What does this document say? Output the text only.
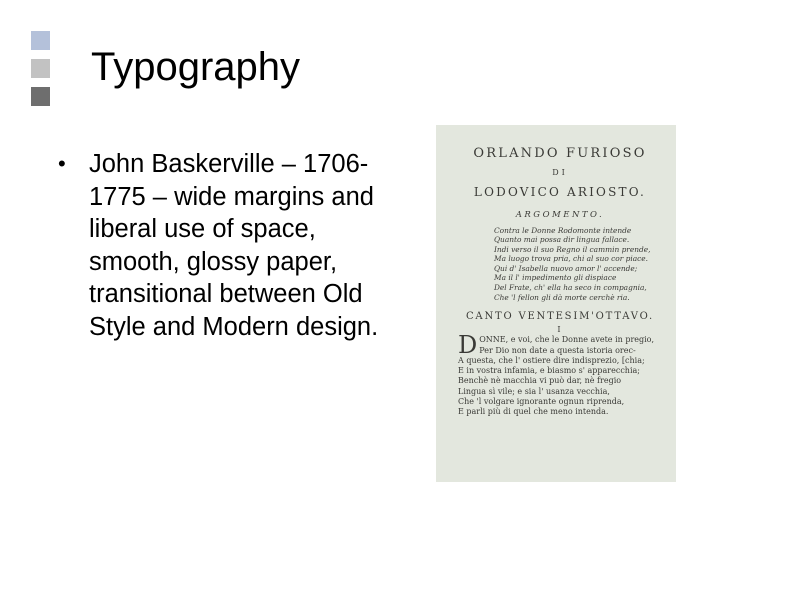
Typography
• John Baskerville – 1706-1775 – wide margins and liberal use of space, smooth, glossy paper, transitional between Old Style and Modern design.
ORLANDO FURIOSO
DI
LODOVICO ARIOSTO.
ARGOMENTO.
Contra le Donne Rodomonte intende
Quanto mai possa dir lingua fallace.
Indi verso il suo Regno il cammin prende,
Ma luogo trova pria, chi al suo cor piace.
Qui d' Isabella nuovo amor l' accende;
Ma il l' impedimento gli dispiace
Del Frate, ch' ella ha seco in compagnia,
Che 'l fellon gli dà morte cerchè ria.
CANTO VENTESIM'OTTAVO.
I
D ONNE, e voi, che le Donne avete in pregio,
Per Dio non date a questa istoria orec-
A questa, che l' ostiere dire indisprezio, [chia;
E in vostra infamia, e biasmo s' apparecchia;
Benchè nè macchia vi può dar, nè fregio
Lingua sì vile; e sia l' usanza vecchia,
Che 'l volgare ignorante ognun riprenda,
E parli più di quel che meno intenda.
